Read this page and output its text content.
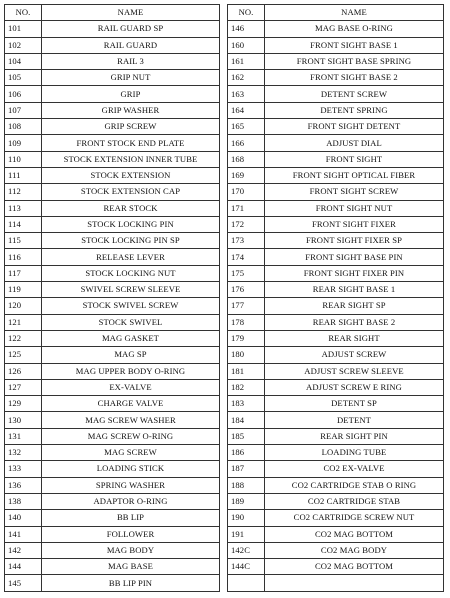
NO.	NAME
101	RAIL GUARD SP
102	RAIL GUARD
104	RAIL 3
105	GRIP NUT
106	GRIP
107	GRIP WASHER
108	GRIP SCREW
109	FRONT STOCK END PLATE
110	STOCK EXTENSION INNER TUBE
111	STOCK EXTENSION
112	STOCK EXTENSION CAP
113	REAR STOCK
114	STOCK LOCKING PIN
115	STOCK LOCKING PIN SP
116	RELEASE LEVER
117	STOCK LOCKING NUT
119	SWIVEL SCREW SLEEVE
120	STOCK SWIVEL SCREW
121	STOCK SWIVEL
122	MAG GASKET
125	MAG SP
126	MAG UPPER BODY O-RING
127	EX-VALVE
129	CHARGE VALVE
130	MAG SCREW WASHER
131	MAG SCREW O-RING
132	MAG SCREW
133	LOADING STICK
136	SPRING WASHER
138	ADAPTOR O-RING
140	BB LIP
141	FOLLOWER
142	MAG BODY
144	MAG BASE
145	BB LIP PIN
NO.	NAME
146	MAG BASE O-RING
160	FRONT SIGHT BASE 1
161	FRONT SIGHT BASE SPRING
162	FRONT SIGHT BASE 2
163	DETENT SCREW
164	DETENT SPRING
165	FRONT SIGHT DETENT
166	ADJUST DIAL
168	FRONT SIGHT
169	FRONT SIGHT OPTICAL FIBER
170	FRONT SIGHT SCREW
171	FRONT SIGHT NUT
172	FRONT SIGHT FIXER
173	FRONT SIGHT FIXER SP
174	FRONT SIGHT BASE PIN
175	FRONT SIGHT FIXER PIN
176	REAR SIGHT BASE 1
177	REAR SIGHT SP
178	REAR SIGHT BASE 2
179	REAR SIGHT
180	ADJUST SCREW
181	ADJUST SCREW SLEEVE
182	ADJUST SCREW E RING
183	DETENT SP
184	DETENT
185	REAR SIGHT PIN
186	LOADING TUBE
187	CO2 EX-VALVE
188	CO2 CARTRIDGE STAB O RING
189	CO2 CARTRIDGE STAB
190	CO2 CARTRIDGE SCREW NUT
191	CO2 MAG BOTTOM
142C	CO2 MAG BODY
144C	CO2 MAG BOTTOM
